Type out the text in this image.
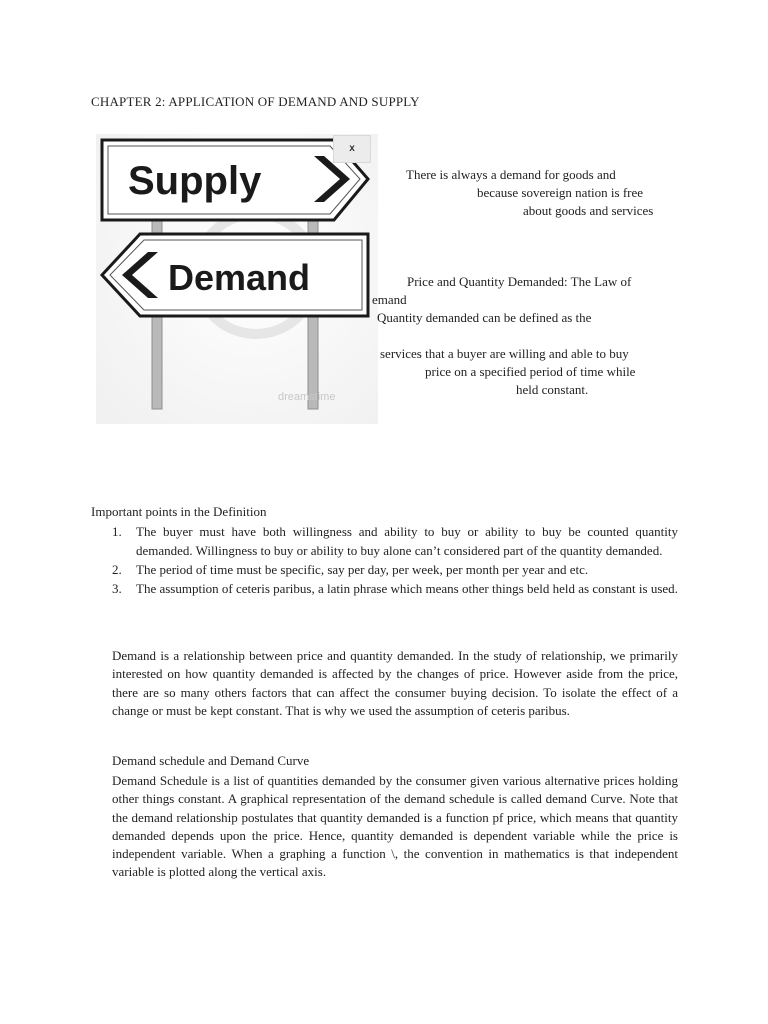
CHAPTER 2: APPLICATION OF DEMAND AND SUPPLY
Supply
Demand
dreamstime
x
There is always a demand for goods and
because sovereign nation is free
about goods and services
Price and Quantity Demanded: The Law of
emand
Quantity demanded can be defined as the
services that a buyer are willing and able to buy
price on a specified period of time while
held constant.
Important points in the Definition
1. The buyer must have both willingness and ability to buy or ability to buy be counted quantity demanded. Willingness to buy or ability to buy alone can’t considered part of the quantity demanded.
2. The period of time must be specific, say per day, per week, per month per year and etc.
3. The assumption of ceteris paribus, a latin phrase which means other things beld held as constant is used.
Demand is a relationship between price and quantity demanded. In the study of relationship, we primarily interested on how quantity demanded is affected by the changes of price. However aside from the price, there are so many others factors that can affect the consumer buying decision. To isolate the effect of a change or must be kept constant. That is why we used the assumption of ceteris paribus.
Demand schedule and Demand Curve
Demand Schedule is a list of quantities demanded by the consumer given various alternative prices holding other things constant. A graphical representation of the demand schedule is called demand Curve. Note that the demand relationship postulates that quantity demanded is a function pf price, which means that quantity demanded depends upon the price. Hence, quantity demanded is dependent variable while the price is independent variable. When a graphing a function \, the convention in mathematics is that independent variable is plotted along the vertical axis.
